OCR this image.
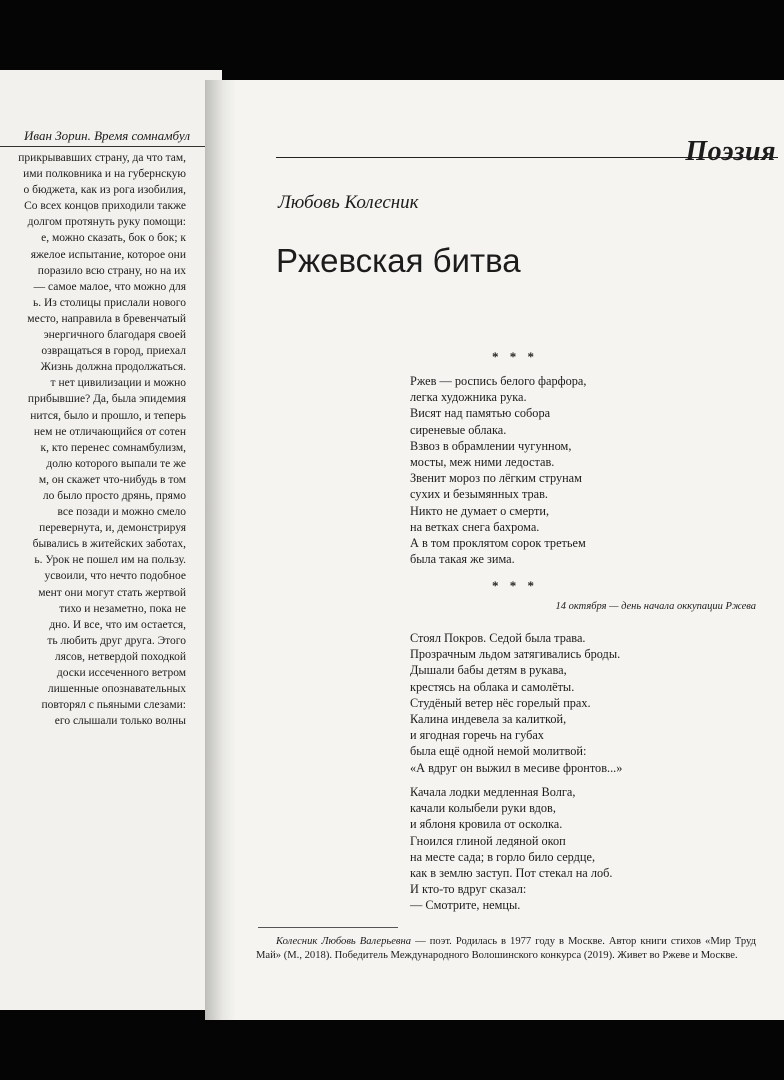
Иван Зорин. Время сомнамбул
прикрывавших страну, да что там,
ими полковника и на губернскую
о бюджета, как из рога изобилия,
Со всех концов приходили также
долгом протянуть руку помощи:
е, можно сказать, бок о бок; к
яжелое испытание, которое они
поразило всю страну, но на их
— самое малое, что можно для
ь. Из столицы прислали нового
место, направила в бревенчатый
энергичного благодаря своей
озвращаться в город, приехал
Жизнь должна продолжаться.
т нет цивилизации и можно
прибывшие? Да, была эпидемия
нится, было и прошло, и теперь
нем не отличающийся от сотен
к, кто перенес сомнамбулизм,
долю которого выпали те же
м, он скажет что-нибудь в том
ло было просто дрянь, прямо
все позади и можно смело
перевернута, и, демонстрируя
бывались в житейских заботах,
ь. Урок не пошел им на пользу.
усвоили, что нечто подобное
мент они могут стать жертвой
тихо и незаметно, пока не
дно. И все, что им остается,
ть любить друг друга. Этого
лясов, нетвердой походкой
доски иссеченного ветром
лишенные опознавательных
повторял с пьяными слезами:
его слышали только волны
Поэзия
Любовь Колесник
Ржевская битва
* * *
Ржев — роспись белого фарфора,
легка художника рука.
Висят над памятью собора
сиреневые облака.
Взвоз в обрамлении чугунном,
мосты, меж ними ледостав.
Звенит мороз по лёгким струнам
сухих и безымянных трав.
Никто не думает о смерти,
на ветках снега бахрома.
А в том проклятом сорок третьем
была такая же зима.
* * *
14 октября — день начала оккупации Ржева
Стоял Покров. Седой была трава.
Прозрачным льдом затягивались броды.
Дышали бабы детям в рукава,
крестясь на облака и самолёты.
Студёный ветер нёс горелый прах.
Калина индевела за калиткой,
и ягодная горечь на губах
была ещё одной немой молитвой:
«А вдруг он выжил в месиве фронтов...»
Качала лодки медленная Волга,
качали колыбели руки вдов,
и яблоня кровила от осколка.
Гноился глиной ледяной окоп
на месте сада; в горло било сердце,
как в землю заступ. Пот стекал на лоб.
И кто-то вдруг сказал:
— Смотрите, немцы.
Колесник Любовь Валерьевна — поэт. Родилась в 1977 году в Москве. Автор книги стихов «Мир Труд Май» (М., 2018). Победитель Международного Волошинского конкурса (2019). Живет во Ржеве и Москве.
